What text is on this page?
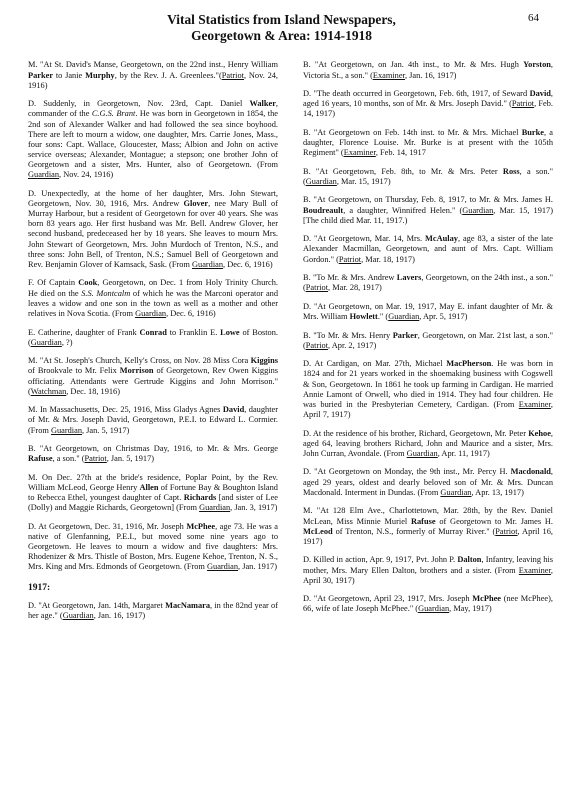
64
Vital Statistics from Island Newspapers,
Georgetown & Area: 1914-1918

M. "At St. David's Manse, Georgetown, on the 22nd inst., Henry William Parker to Janie Murphy, by the Rev. J. A. Greenlees."(Patriot, Nov. 24, 1916)

D. Suddenly, in Georgetown, Nov. 23rd, Capt. Daniel Walker, commander of the C.G.S. Brant. He was born in Georgetown in 1854, the 2nd son of Alexander Walker and had followed the sea since boyhood. There are left to mourn a widow, one daughter, Mrs. Carrie Jones, Mass., four sons: Capt. Wallace, Gloucester, Mass; Albion and John on active service overseas; Alexander, Montague; a stepson; one brother John of Georgetown and a sister, Mrs. Hunter, also of Georgetown. (From Guardian, Nov. 24, 1916)

D. Unexpectedly, at the home of her daughter, Mrs. John Stewart, Georgetown, Nov. 30, 1916, Mrs. Andrew Glover, nee Mary Bull of Murray Harbour, but a resident of Georgetown for over 40 years. She was born 83 years ago. Her first husband was Mr. Bell. Andrew Glover, her second husband, predeceased her by 18 years. She leaves to mourn Mrs. John Stewart of Georgetown, Mrs. John Murdoch of Trenton, N.S., and three sons: John Bell, of Trenton, N.S.; Samuel Bell of Georgetown and Rev. Benjamin Glover of Kamsack, Sask. (From Guardian, Dec. 6, 1916)

F. Of Captain Cook, Georgetown, on Dec. 1 from Holy Trinity Church. He died on the S.S. Montcalm of which he was the Marconi operator and leaves a widow and one son in the town as well as a mother and other relatives in Nova Scotia. (From Guardian, Dec. 6, 1916)

E. Catherine, daughter of Frank Conrad to Franklin E. Lowe of Boston. (Guardian, ?)

M. "At St. Joseph's Church, Kelly's Cross, on Nov. 28 Miss Cora Kiggins of Brookvale to Mr. Felix Morrison of Georgetown, Rev Owen Kiggins officiating. Attendants were Gertrude Kiggins and John Morrison." (Watchman, Dec. 18, 1916)

M. In Massachusetts, Dec. 25, 1916, Miss Gladys Agnes David, daughter of Mr. & Mrs. Joseph David, Georgetown, P.E.I. to Edward L. Cormier. (From Guardian, Jan. 5, 1917)

B. "At Georgetown, on Christmas Day, 1916, to Mr. & Mrs. George Rafuse, a son." (Patriot, Jan. 5, 1917)

M. On Dec. 27th at the bride's residence, Poplar Point, by the Rev. William McLeod, George Henry Allen of Fortune Bay & Boughton Island to Rebecca Ethel, youngest daughter of Capt. Richards [and sister of Lee (Dolly) and Maggie Richards, Georgetown] (From Guardian, Jan. 3, 1917)

D. At Georgetown, Dec. 31, 1916, Mr. Joseph McPhee, age 73. He was a native of Glenfanning, P.E.I., but moved some nine years ago to Georgetown. He leaves to mourn a widow and five daughters: Mrs. Rhodenizer & Mrs. Thistle of Boston, Mrs. Eugene Kehoe, Trenton, N. S., Mrs. King and Mrs. Edmonds of Georgetown. (From Guardian, Jan. 1917)

1917:

D. "At Georgetown, Jan. 14th, Margaret MacNamara, in the 82nd year of her age." (Guardian, Jan. 16, 1917)

B. "At Georgetown, on Jan. 4th inst., to Mr. & Mrs. Hugh Yorston, Victoria St., a son." (Examiner, Jan. 16, 1917)

D. "The death occurred in Georgetown, Feb. 6th, 1917, of Seward David, aged 16 years, 10 months, son of Mr. & Mrs. Joseph David." (Patriot, Feb. 14, 1917)

B. "At Georgetown on Feb. 14th inst. to Mr. & Mrs. Michael Burke, a daughter, Florence Louise. Mr. Burke is at present with the 105th Regiment" (Examiner, Feb. 14, 1917

B. "At Georgetown, Feb. 8th, to Mr. & Mrs. Peter Ross, a son." (Guardian, Mar. 15, 1917)

B. "At Georgetown, on Thursday, Feb. 8, 1917, to Mr. & Mrs. James H. Boudreault, a daughter, Winnifred Helen." (Guardian, Mar. 15, 1917) [The child died Mar. 11, 1917.)

D. "At Georgetown, Mar. 14, Mrs. McAulay, age 83, a sister of the late Alexander Macmillan, Georgetown, and aunt of Mrs. Capt. William Gordon." (Patriot, Mar. 18, 1917)

B. "To Mr. & Mrs. Andrew Lavers, Georgetown, on the 24th inst., a son." (Patriot, Mar. 28, 1917)

D. "At Georgetown, on Mar. 19, 1917, May E. infant daughter of Mr. & Mrs. William Howlett." (Guardian, Apr. 5, 1917)

B. "To Mr. & Mrs. Henry Parker, Georgetown, on Mar. 21st last, a son." (Patriot, Apr. 2, 1917)

D. At Cardigan, on Mar. 27th, Michael MacPherson. He was born in 1824 and for 21 years worked in the shoemaking business with Cogswell & Son, Georgetown. In 1861 he took up farming in Cardigan. He married Annie Lamont of Orwell, who died in 1914. They had four children. He was buried in the Presbyterian Cemetery, Cardigan. (From Examiner, April 7, 1917)

D. At the residence of his brother, Richard, Georgetown, Mr. Peter Kehoe, aged 64, leaving brothers Richard, John and Maurice and a sister, Mrs. John Curran, Avondale. (From Guardian, Apr. 11, 1917)

D. "At Georgetown on Monday, the 9th inst., Mr. Percy H. Macdonald, aged 29 years, oldest and dearly beloved son of Mr. & Mrs. Duncan Macdonald. Interment in Dundas. (From Guardian, Apr. 13, 1917)

M. "At 128 Elm Ave., Charlottetown, Mar. 28th, by the Rev. Daniel McLean, Miss Minnie Muriel Rafuse of Georgetown to Mr. James H. McLeod of Trenton, N.S., formerly of Murray River." (Patriot, April 16, 1917)

D. Killed in action, Apr. 9, 1917, Pvt. John P. Dalton, Infantry, leaving his mother, Mrs. Mary Ellen Dalton, brothers and a sister. (From Examiner, April 30, 1917)

D. "At Georgetown, April 23, 1917, Mrs. Joseph McPhee (nee McPhee), 66, wife of late Joseph McPhee." (Guardian, May, 1917)
